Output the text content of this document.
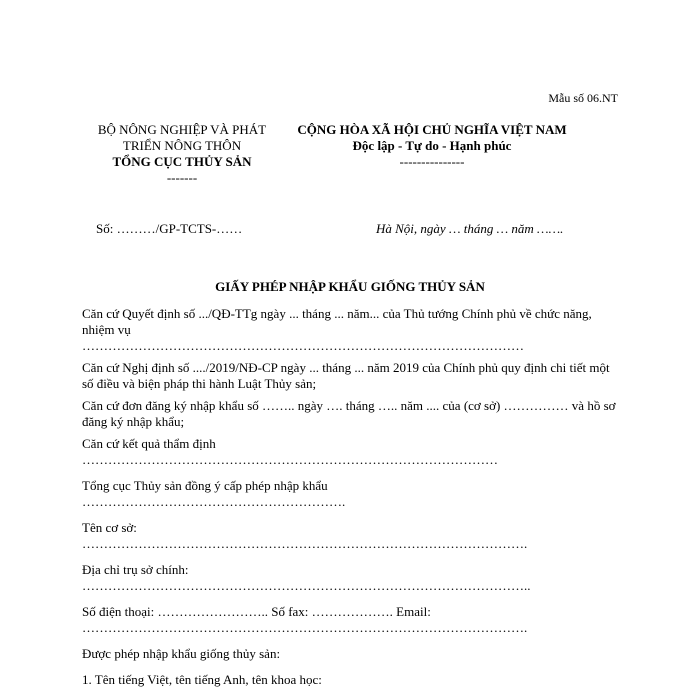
Mẫu số 06.NT
BỘ NÔNG NGHIỆP VÀ PHÁT TRIỂN NÔNG THÔN
TỔNG CỤC THỦY SẢN
-------
CỘNG HÒA XÃ HỘI CHỦ NGHĨA VIỆT NAM
Độc lập - Tự do - Hạnh phúc
---------------
Số: ………/GP-TCTS-……	Hà Nội, ngày … tháng … năm …….
GIẤY PHÉP NHẬP KHẨU GIỐNG THỦY SẢN
Căn cứ Quyết định số .../QĐ-TTg ngày ... tháng ... năm... của Thủ tướng Chính phủ về chức năng, nhiệm vụ
…………………………………………………………………………………………
Căn cứ Nghị định số ..../2019/NĐ-CP ngày ... tháng ... năm 2019 của Chính phủ quy định chi tiết một số điều và biện pháp thi hành Luật Thủy sản;
Căn cứ đơn đăng ký nhập khẩu số …….. ngày …. tháng ….. năm .... của (cơ sở) …………… và hồ sơ đăng ký nhập khẩu;
Căn cứ kết quả thẩm định
……………………………………………………………………………………
Tổng cục Thủy sản đồng ý cấp phép nhập khẩu
…………………………………………………….
Tên cơ sở:
………………………………………………………………………………………….
Địa chỉ trụ sở chính:
…………………………………………………………………………………………..
Số điện thoại: …………………….. Số fax: ………………. Email:
………………………………………………………………………………………….
Được phép nhập khẩu giống thủy sản:
1. Tên tiếng Việt, tên tiếng Anh, tên khoa học:
